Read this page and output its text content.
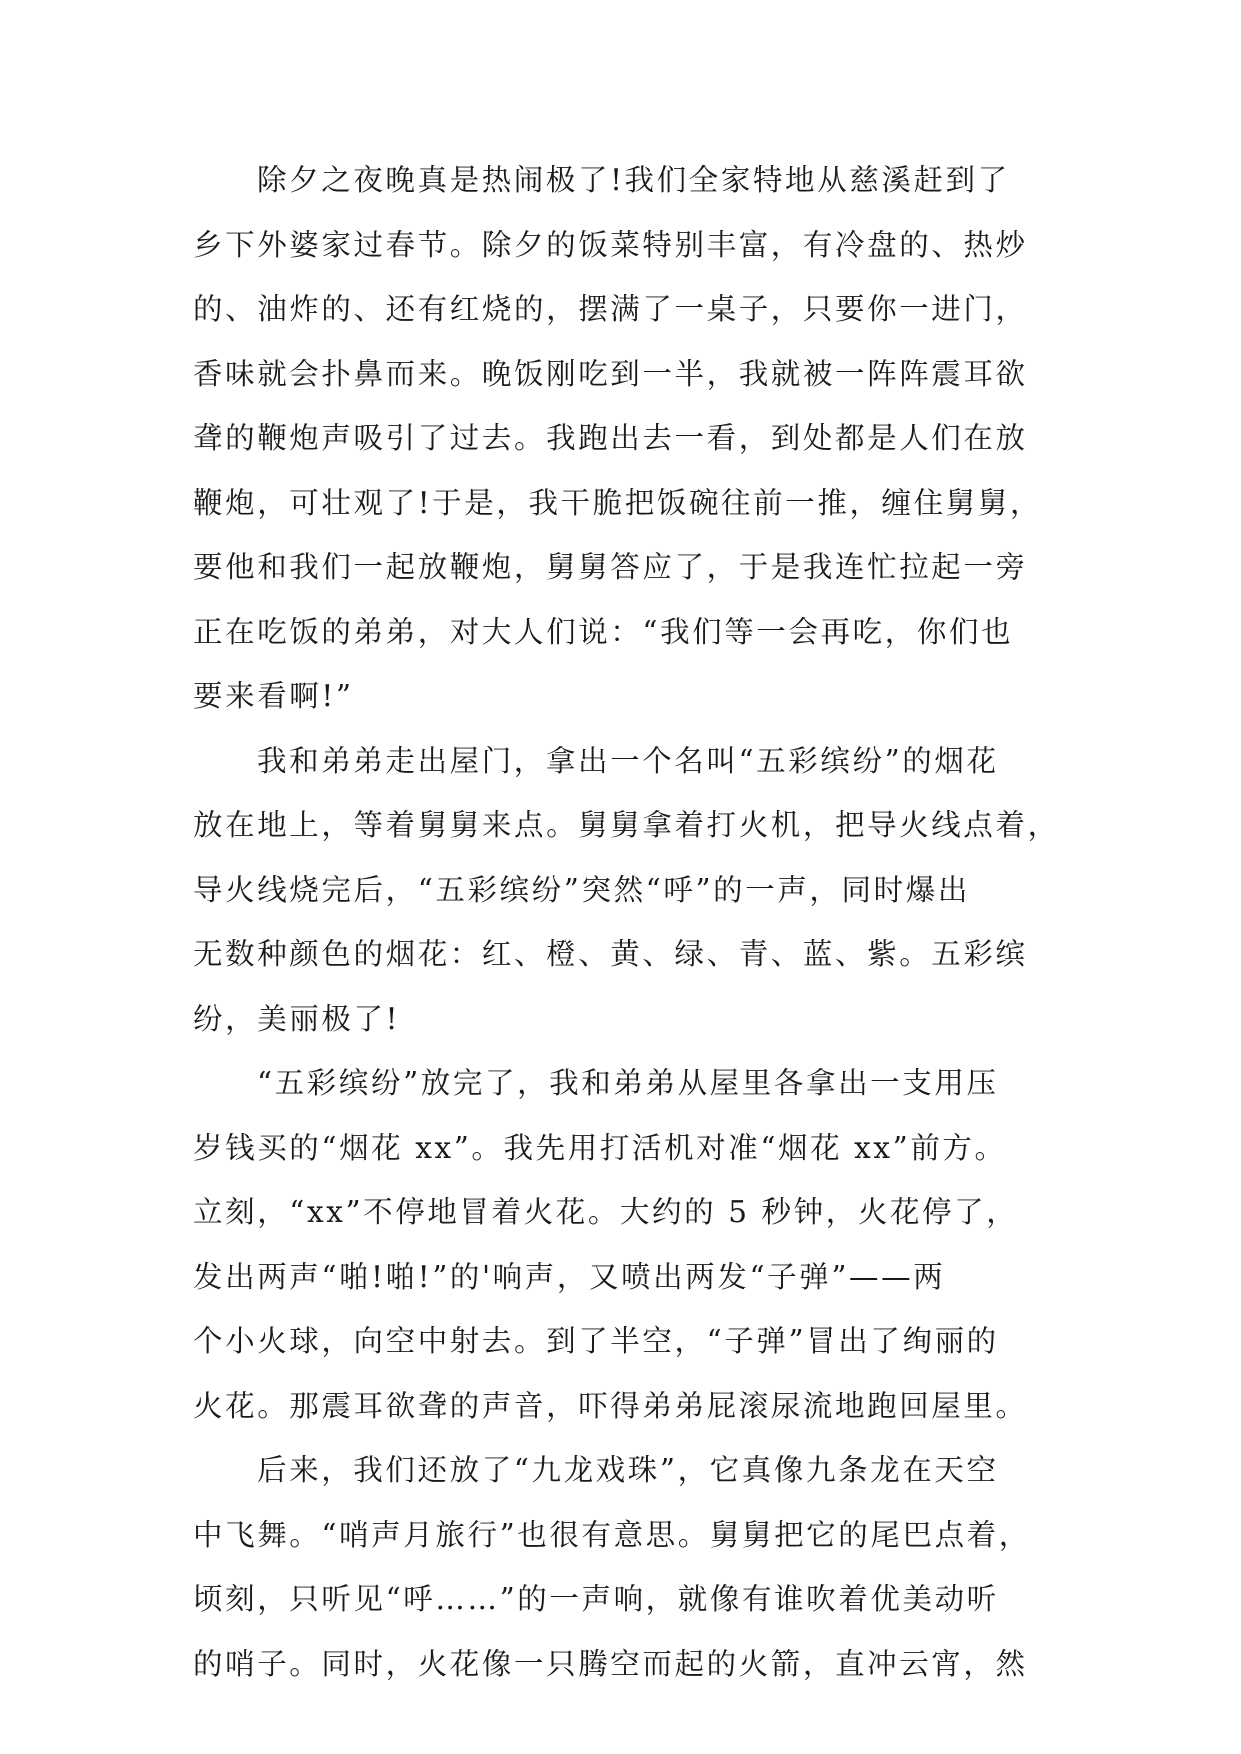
除夕之夜晚真是热闹极了!我们全家特地从慈溪赶到了
乡下外婆家过春节。除夕的饭菜特别丰富，有冷盘的、热炒
的、油炸的、还有红烧的，摆满了一桌子，只要你一进门，
香味就会扑鼻而来。晚饭刚吃到一半，我就被一阵阵震耳欲
聋的鞭炮声吸引了过去。我跑出去一看，到处都是人们在放
鞭炮，可壮观了!于是，我干脆把饭碗往前一推，缠住舅舅，
要他和我们一起放鞭炮，舅舅答应了，于是我连忙拉起一旁
正在吃饭的弟弟，对大人们说：“我们等一会再吃，你们也
要来看啊!”
我和弟弟走出屋门，拿出一个名叫“五彩缤纷”的烟花
放在地上，等着舅舅来点。舅舅拿着打火机，把导火线点着，
导火线烧完后，“五彩缤纷”突然“呼”的一声，同时爆出
无数种颜色的烟花：红、橙、黄、绿、青、蓝、紫。五彩缤
纷，美丽极了!
“五彩缤纷”放完了，我和弟弟从屋里各拿出一支用压
岁钱买的“烟花 xx”。我先用打活机对准“烟花 xx”前方。
立刻，“xx”不停地冒着火花。大约的 5 秒钟，火花停了，
发出两声“啪!啪!”的'响声，又喷出两发“子弹”——两
个小火球，向空中射去。到了半空，“子弹”冒出了绚丽的
火花。那震耳欲聋的声音，吓得弟弟屁滚尿流地跑回屋里。
后来，我们还放了“九龙戏珠”，它真像九条龙在天空
中飞舞。“哨声月旅行”也很有意思。舅舅把它的尾巴点着，
顷刻，只听见“呼……”的一声响，就像有谁吹着优美动听
的哨子。同时，火花像一只腾空而起的火箭，直冲云宵，然
